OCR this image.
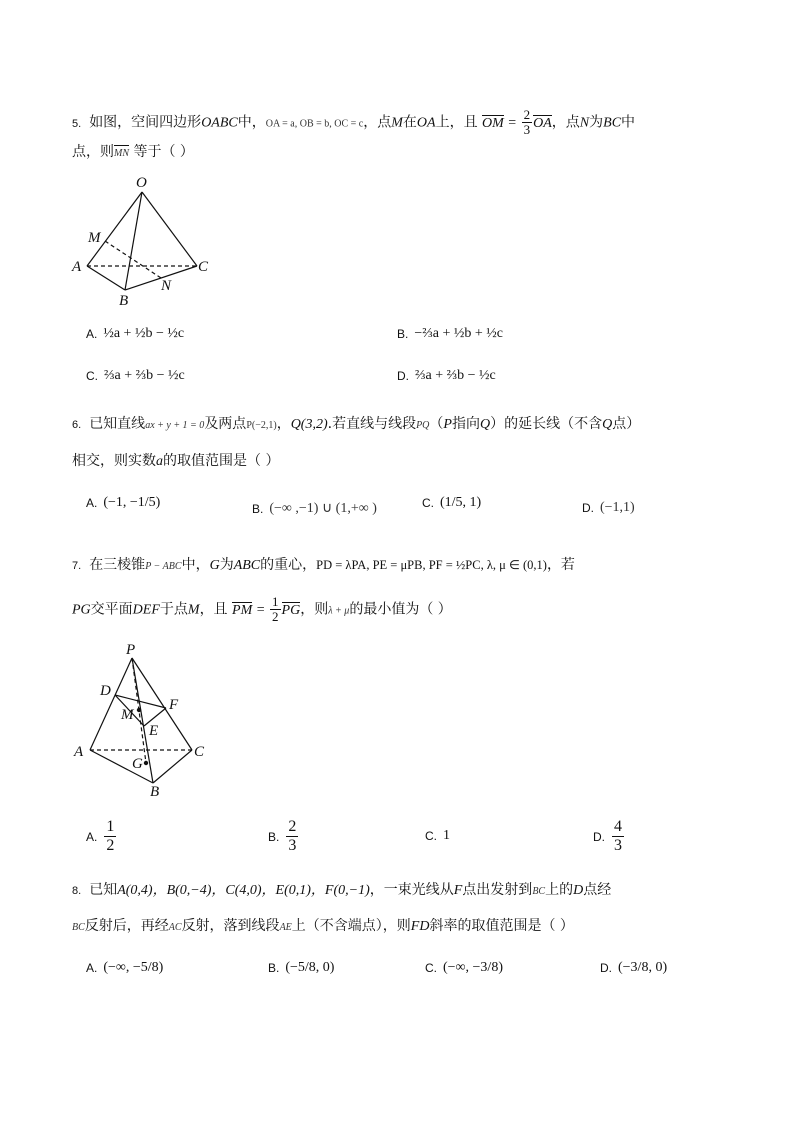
5. 如图，空间四边形OABC中，OA = a, OB = b, OC = c，点M在OA上，且 OM = $\frac{2}{3}$ OA，点N为BC中
点，则MN 等于（ ）
O
M
A	C
B
N
A. ½a + ½b − ½c	B. −⅔a + ½b + ½c
C. ⅔a + ⅔b − ½c	D. ⅔a + ⅔b − ½c
6. 已知直线ax + y + 1 = 0及两点P(−2,1)，Q(3,2).若直线与线段PQ（P指向Q）的延长线（不含Q点）
相交，则实数a的取值范围是（ ）
A. (−1, −1/5)	B. (−∞ ,−1) ∪ (1,+∞ )	C. (1/5, 1)	D. (−1,1)
7. 在三棱锥P − ABC中，G为ABC的重心，PD = λPA, PE = μPB, PF = ½PC, λ, μ ∈ (0,1)，若
PG交平面DEF于点M，且 PM = $\frac{1}{2}$ PG，则λ + μ的最小值为（ ）
P
D
F
M
E
A	C
G
B
A. $\frac{1}{2}$	B. $\frac{2}{3}$	C. 1	D. $\frac{4}{3}$
8. 已知A(0,4)，B(0,−4)，C(4,0)，E(0,1)，F(0,−1)，一束光线从F点出发射到BC上的D点经
BC反射后，再经AC反射，落到线段AE上（不含端点），则FD斜率的取值范围是（ ）
A. (−∞, −5/8)	B. (−5/8, 0)	C. (−∞, −3/8)	D. (−3/8, 0)
